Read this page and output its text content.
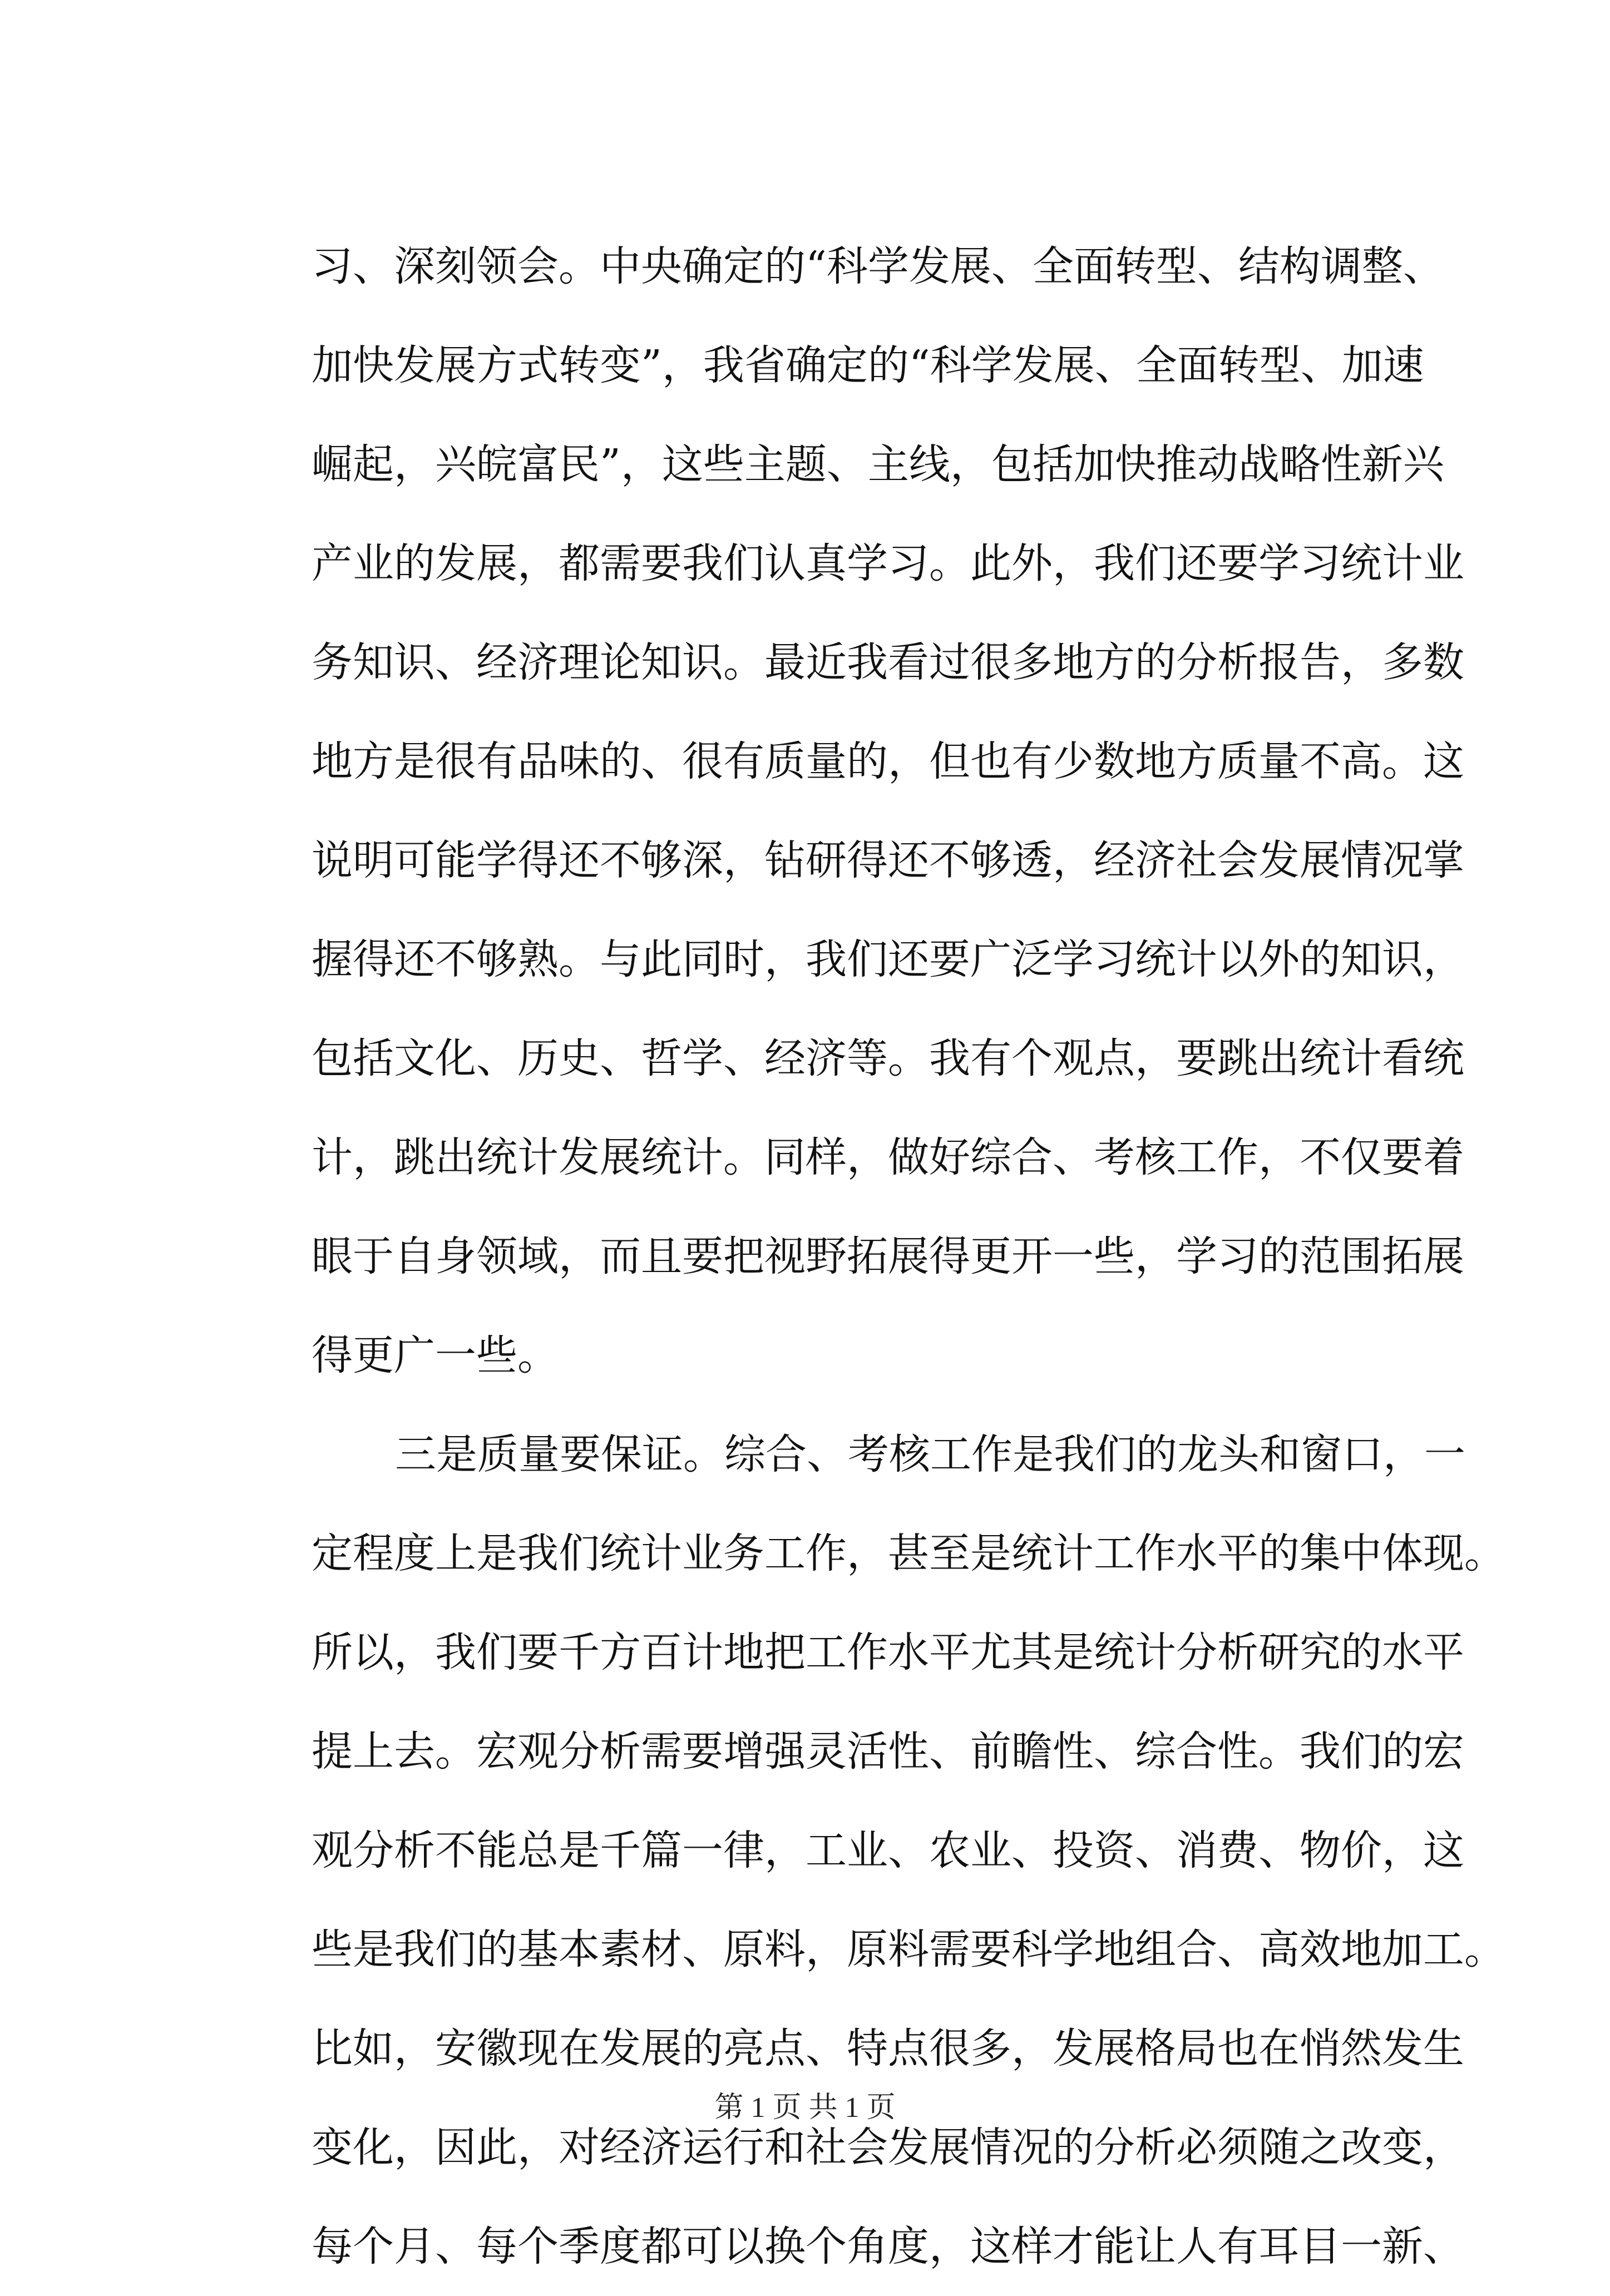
习 、 深 刻 领 会 。 中 央 确 定 的 “ 科 学 发 展 、 全 面 转 型 、 结 构 调 整 、
加 快 发 展 方 式 转 变 ” ， 我 省 确 定 的 “ 科 学 发 展 、 全 面 转 型 、 加 速
崛 起 ， 兴 皖 富 民 ” ， 这 些 主 题 、 主 线 ， 包 括 加 快 推 动 战 略 性 新 兴
产 业 的 发 展 ， 都 需 要 我 们 认 真 学 习 。 此 外 ， 我 们 还 要 学 习 统 计 业
务 知 识 、 经 济 理 论 知 识 。 最 近 我 看 过 很 多 地 方 的 分 析 报 告 ， 多 数
地 方 是 很 有 品 味 的 、 很 有 质 量 的 ， 但 也 有 少 数 地 方 质 量 不 高 。 这
说 明 可 能 学 得 还 不 够 深 ， 钻 研 得 还 不 够 透 ， 经 济 社 会 发 展 情 况 掌
握 得 还 不 够 熟 。 与 此 同 时 ， 我 们 还 要 广 泛 学 习 统 计 以 外 的 知 识 ，
包 括 文 化 、 历 史 、 哲 学 、 经 济 等 。 我 有 个 观 点 ， 要 跳 出 统 计 看 统
计 ， 跳 出 统 计 发 展 统 计 。 同 样 ， 做 好 综 合 、 考 核 工 作 ， 不 仅 要 着
眼 于 自 身 领 域 ， 而 且 要 把 视 野 拓 展 得 更 开 一 些 ， 学 习 的 范 围 拓 展
得更广一些。
三 是 质 量 要 保 证 。 综 合 、 考 核 工 作 是 我 们 的 龙 头 和 窗 口 ， 一
定 程 度 上 是 我 们 统 计 业 务 工 作 ， 甚 至 是 统 计 工 作 水 平 的 集 中 体 现 。
所 以 ， 我 们 要 千 方 百 计 地 把 工 作 水 平 尤 其 是 统 计 分 析 研 究 的 水 平
提 上 去 。 宏 观 分 析 需 要 增 强 灵 活 性 、 前 瞻 性 、 综 合 性 。 我 们 的 宏
观 分 析 不 能 总 是 千 篇 一 律 ， 工 业 、 农 业 、 投 资 、 消 费 、 物 价 ， 这
些 是 我 们 的 基 本 素 材 、 原 料 ， 原 料 需 要 科 学 地 组 合 、 高 效 地 加 工 。
比 如 ， 安 徽 现 在 发 展 的 亮 点 、 特 点 很 多 ， 发 展 格 局 也 在 悄 然 发 生
变 化 ， 因 此 ， 对 经 济 运 行 和 社 会 发 展 情 况 的 分 析 必 须 随 之 改 变 ，
每 个 月 、 每 个 季 度 都 可 以 换 个 角 度 ， 这 样 才 能 让 人 有 耳 目 一 新 、
第 1 页 共 1 页
